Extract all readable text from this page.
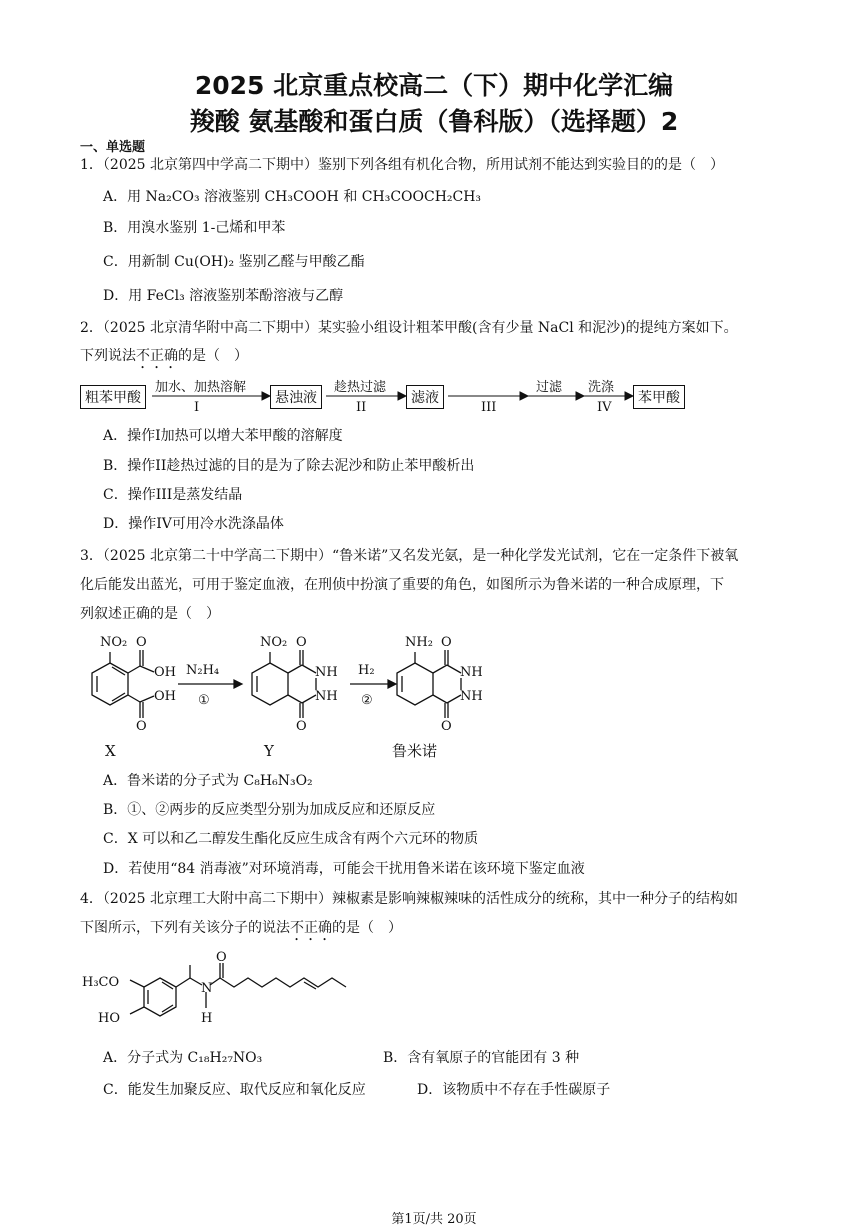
2025 北京重点校高二（下）期中化学汇编
羧酸 氨基酸和蛋白质（鲁科版）（选择题）2
一、单选题
1．（2025 北京第四中学高二下期中）鉴别下列各组有机化合物，所用试剂不能达到实验目的的是（　）
A．用 Na₂CO₃ 溶液鉴别 CH₃COOH 和 CH₃COOCH₂CH₃
B．用溴水鉴别 1-己烯和甲苯
C．用新制 Cu(OH)₂ 鉴别乙醛与甲酸乙酯
D．用 FeCl₃ 溶液鉴别苯酚溶液与乙醇
2．（2025 北京清华附中高二下期中）某实验小组设计粗苯甲酸(含有少量 NaCl 和泥沙)的提纯方案如下。
下列说法不正确的是（　）
粗苯甲酸
加水、加热溶解
I
悬浊液
趁热过滤
II
滤液
III
过滤 洗涤
IV
苯甲酸
A．操作I加热可以增大苯甲酸的溶解度
B．操作II趁热过滤的目的是为了除去泥沙和防止苯甲酸析出
C．操作III是蒸发结晶
D．操作IV可用冷水洗涤晶体
3．（2025 北京第二十中学高二下期中）“鲁米诺”又名发光氨，是一种化学发光试剂，它在一定条件下被氧
化后能发出蓝光，可用于鉴定血液，在刑侦中扮演了重要的角色，如图所示为鲁米诺的一种合成原理，下
列叙述正确的是（　）
NO₂ O
OH
OH
O
N₂H₄
①
NO₂ O
NH
NH
O
H₂
②
NH₂ O
NH
NH
O
X	Y	鲁米诺
A．鲁米诺的分子式为 C₈H₆N₃O₂
B．①、②两步的反应类型分别为加成反应和还原反应
C．X 可以和乙二醇发生酯化反应生成含有两个六元环的物质
D．若使用“84 消毒液”对环境消毒，可能会干扰用鲁米诺在该环境下鉴定血液
4．（2025 北京理工大附中高二下期中）辣椒素是影响辣椒辣味的活性成分的统称，其中一种分子的结构如
下图所示，下列有关该分子的说法不正确的是（　）
H₃CO
HO
O
N
H
A．分子式为 C₁₈H₂₇NO₃	B．含有氧原子的官能团有 3 种
C．能发生加聚反应、取代反应和氧化反应	D．该物质中不存在手性碳原子
第1页/共 20页
